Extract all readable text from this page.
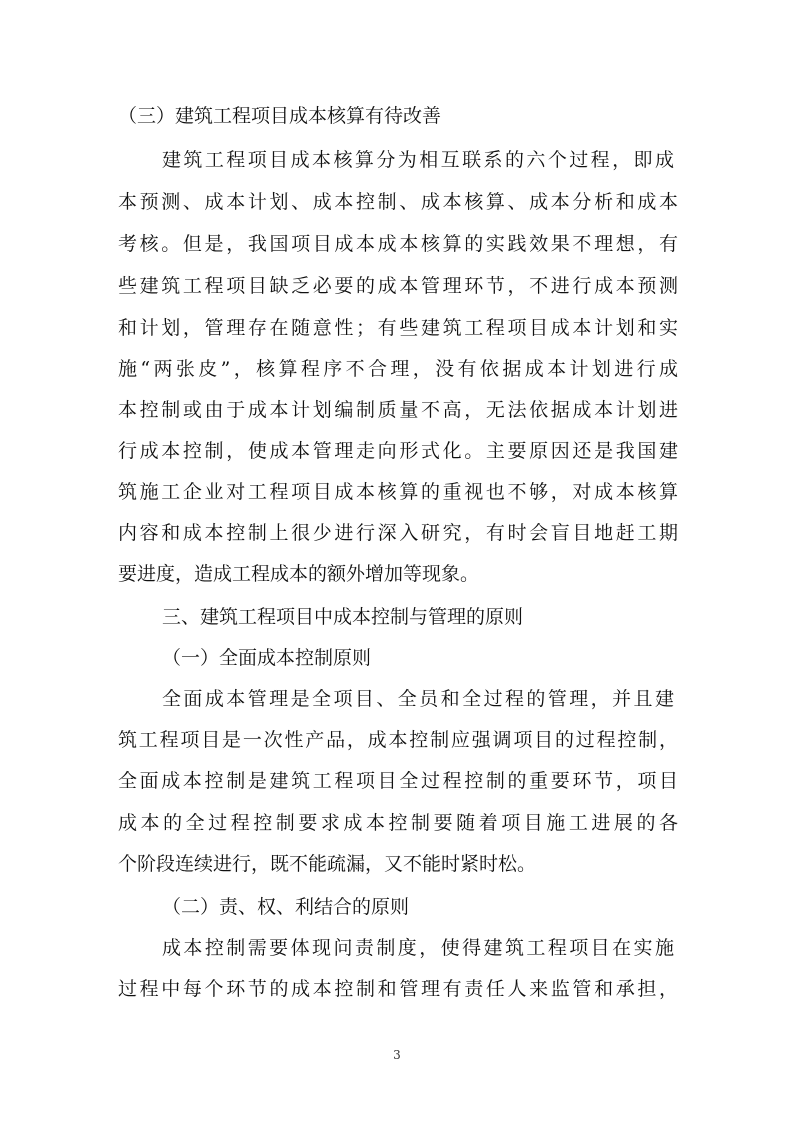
（三）建筑工程项目成本核算有待改善
建筑工程项目成本核算分为相互联系的六个过程，即成
本预测、成本计划、成本控制、成本核算、成本分析和成本
考核。但是，我国项目成本成本核算的实践效果不理想，有
些建筑工程项目缺乏必要的成本管理环节，不进行成本预测
和计划，管理存在随意性；有些建筑工程项目成本计划和实
施“两张皮”，核算程序不合理，没有依据成本计划进行成
本控制或由于成本计划编制质量不高，无法依据成本计划进
行成本控制，使成本管理走向形式化。主要原因还是我国建
筑施工企业对工程项目成本核算的重视也不够，对成本核算
内容和成本控制上很少进行深入研究，有时会盲目地赶工期
要进度，造成工程成本的额外增加等现象。
三、建筑工程项目中成本控制与管理的原则
（一）全面成本控制原则
全面成本管理是全项目、全员和全过程的管理，并且建
筑工程项目是一次性产品，成本控制应强调项目的过程控制，
全面成本控制是建筑工程项目全过程控制的重要环节，项目
成本的全过程控制要求成本控制要随着项目施工进展的各
个阶段连续进行，既不能疏漏，又不能时紧时松。
（二）责、权、利结合的原则
成本控制需要体现问责制度，使得建筑工程项目在实施
过程中每个环节的成本控制和管理有责任人来监管和承担，
3
